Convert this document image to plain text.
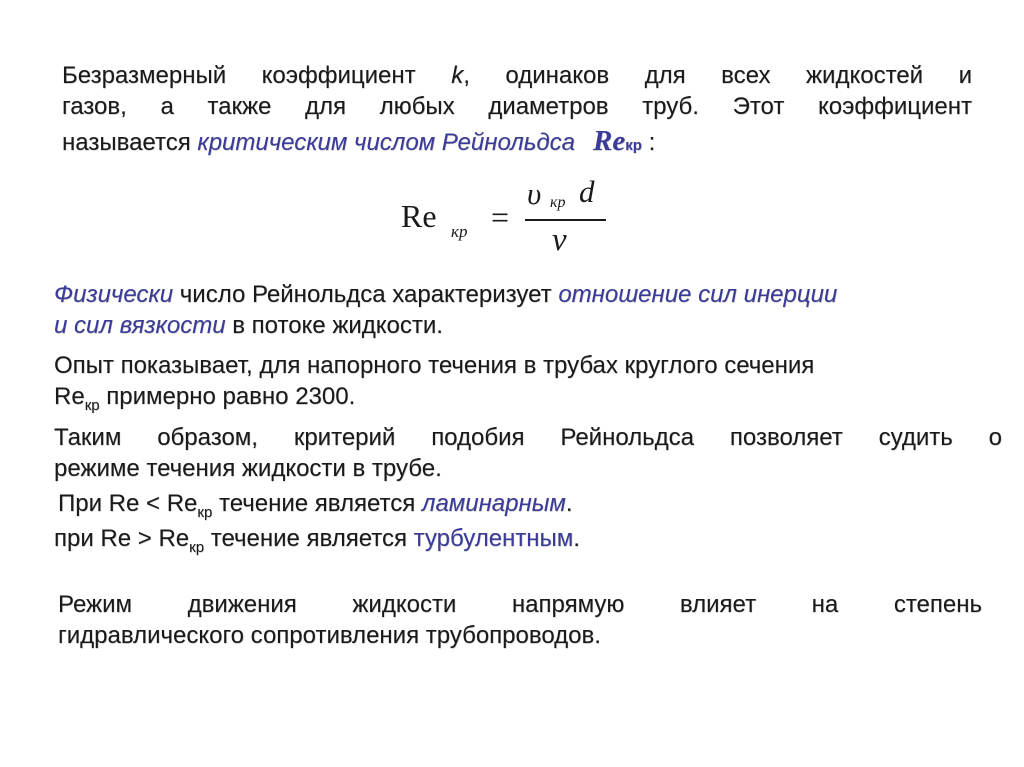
Безразмерный коэффициент k, одинаков для всех жидкостей и
газов, а также для любых диаметров труб. Этот коэффициент
называется критическим числом Рейнольдса Reкр :
Re кр =
υ кр d
ν
Физически число Рейнольдса характеризует отношение сил инерции
и сил вязкости в потоке жидкости.
Опыт показывает, для напорного течения в трубах круглого сечения
$Re_{кр}$ примерно равно 2300.
Таким образом, критерий подобия Рейнольдса позволяет судить о
режиме течения жидкости в трубе.
При $Re < Re_{кр}$ течение является ламинарным.
при $Re > Re_{кр}$ течение является турбулентным.
Режим движения жидкости напрямую влияет на степень
гидравлического сопротивления трубопроводов.
